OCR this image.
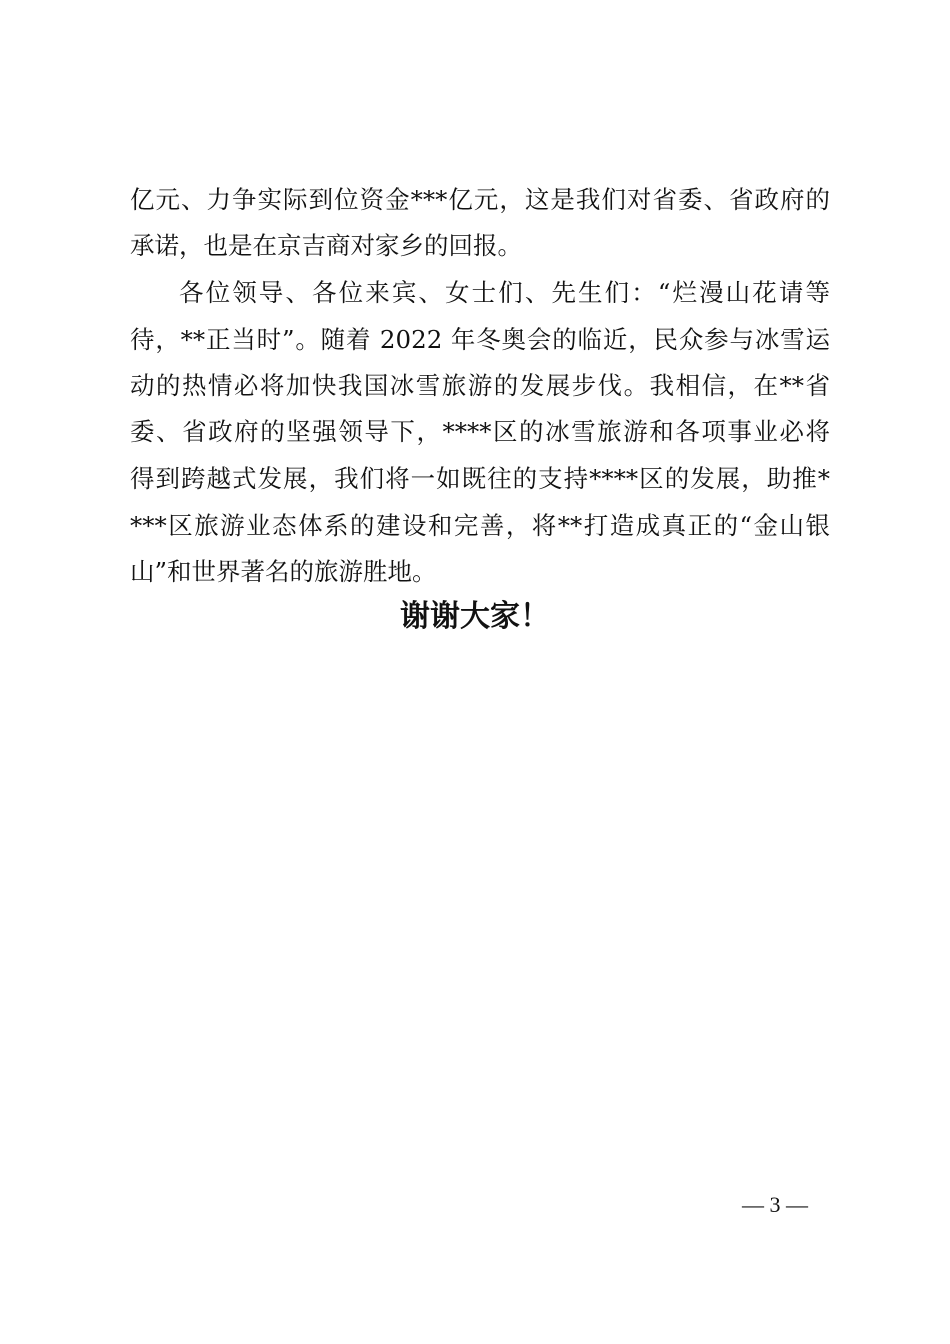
亿元、力争实际到位资金***亿元，这是我们对省委、省政府的
承诺，也是在京吉商对家乡的回报。
各位领导、各位来宾、女士们、先生们：“烂漫山花请等
待，**正当时”。随着 2022 年冬奥会的临近，民众参与冰雪运
动的热情必将加快我国冰雪旅游的发展步伐。我相信，在**省
委、省政府的坚强领导下，****区的冰雪旅游和各项事业必将
得到跨越式发展，我们将一如既往的支持****区的发展，助推*
***区旅游业态体系的建设和完善，将**打造成真正的“金山银
山”和世界著名的旅游胜地。
谢谢大家！
— 3 —
